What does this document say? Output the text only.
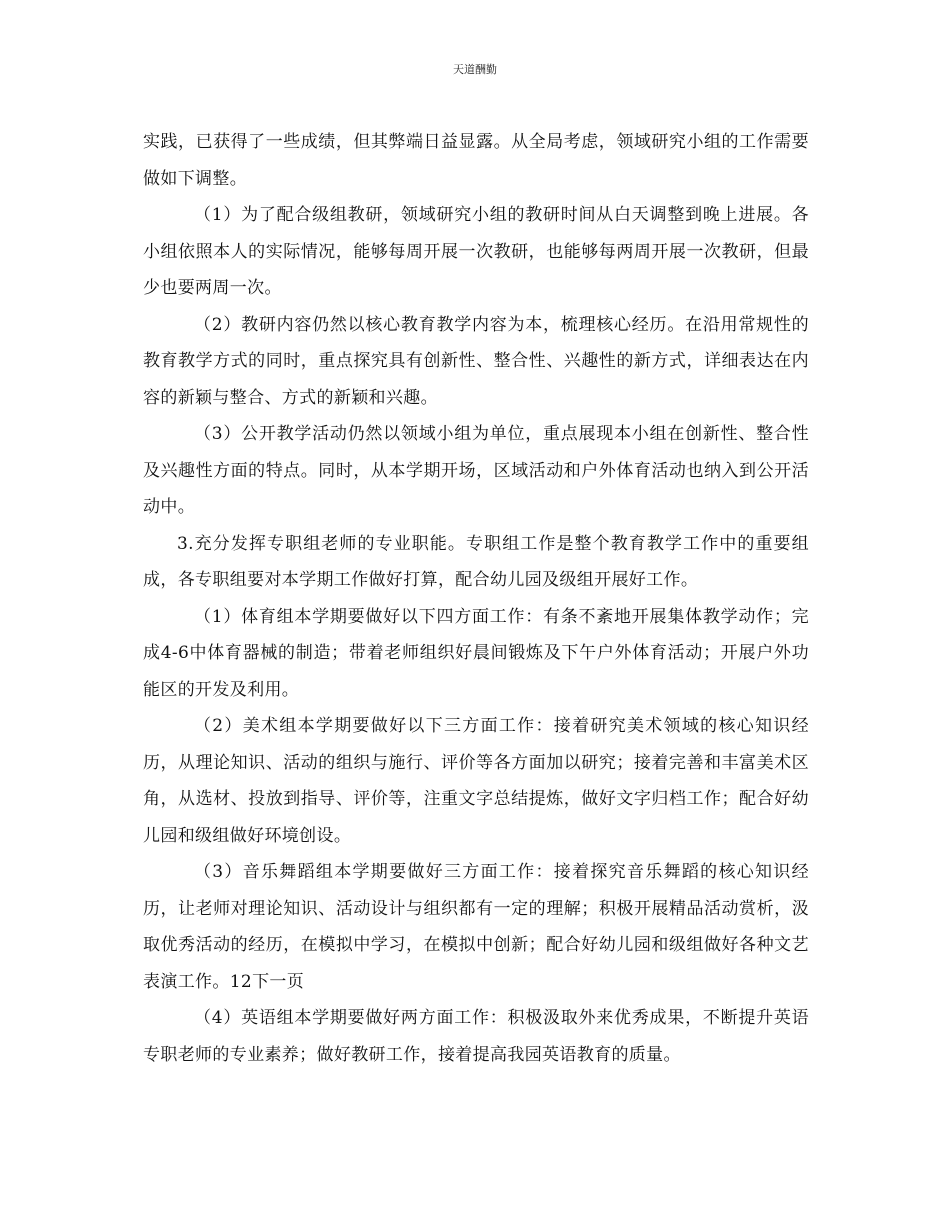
天道酬勤

实践，已获得了一些成绩，但其弊端日益显露。从全局考虑，领域研究小组的工作需要做如下调整。

（1）为了配合级组教研，领域研究小组的教研时间从白天调整到晚上进展。各小组依照本人的实际情况，能够每周开展一次教研，也能够每两周开展一次教研，但最少也要两周一次。

（2）教研内容仍然以核心教育教学内容为本，梳理核心经历。在沿用常规性的教育教学方式的同时，重点探究具有创新性、整合性、兴趣性的新方式，详细表达在内容的新颖与整合、方式的新颖和兴趣。

（3）公开教学活动仍然以领域小组为单位，重点展现本小组在创新性、整合性及兴趣性方面的特点。同时，从本学期开场，区域活动和户外体育活动也纳入到公开活动中。

3.充分发挥专职组老师的专业职能。专职组工作是整个教育教学工作中的重要组成，各专职组要对本学期工作做好打算，配合幼儿园及级组开展好工作。

（1）体育组本学期要做好以下四方面工作：有条不紊地开展集体教学动作；完成4-6中体育器械的制造；带着老师组织好晨间锻炼及下午户外体育活动；开展户外功能区的开发及利用。

（2）美术组本学期要做好以下三方面工作：接着研究美术领域的核心知识经历，从理论知识、活动的组织与施行、评价等各方面加以研究；接着完善和丰富美术区角，从选材、投放到指导、评价等，注重文字总结提炼，做好文字归档工作；配合好幼儿园和级组做好环境创设。

（3）音乐舞蹈组本学期要做好三方面工作：接着探究音乐舞蹈的核心知识经历，让老师对理论知识、活动设计与组织都有一定的理解；积极开展精品活动赏析，汲取优秀活动的经历，在模拟中学习，在模拟中创新；配合好幼儿园和级组做好各种文艺表演工作。12下一页

（4）英语组本学期要做好两方面工作：积极汲取外来优秀成果，不断提升英语专职老师的专业素养；做好教研工作，接着提高我园英语教育的质量。
